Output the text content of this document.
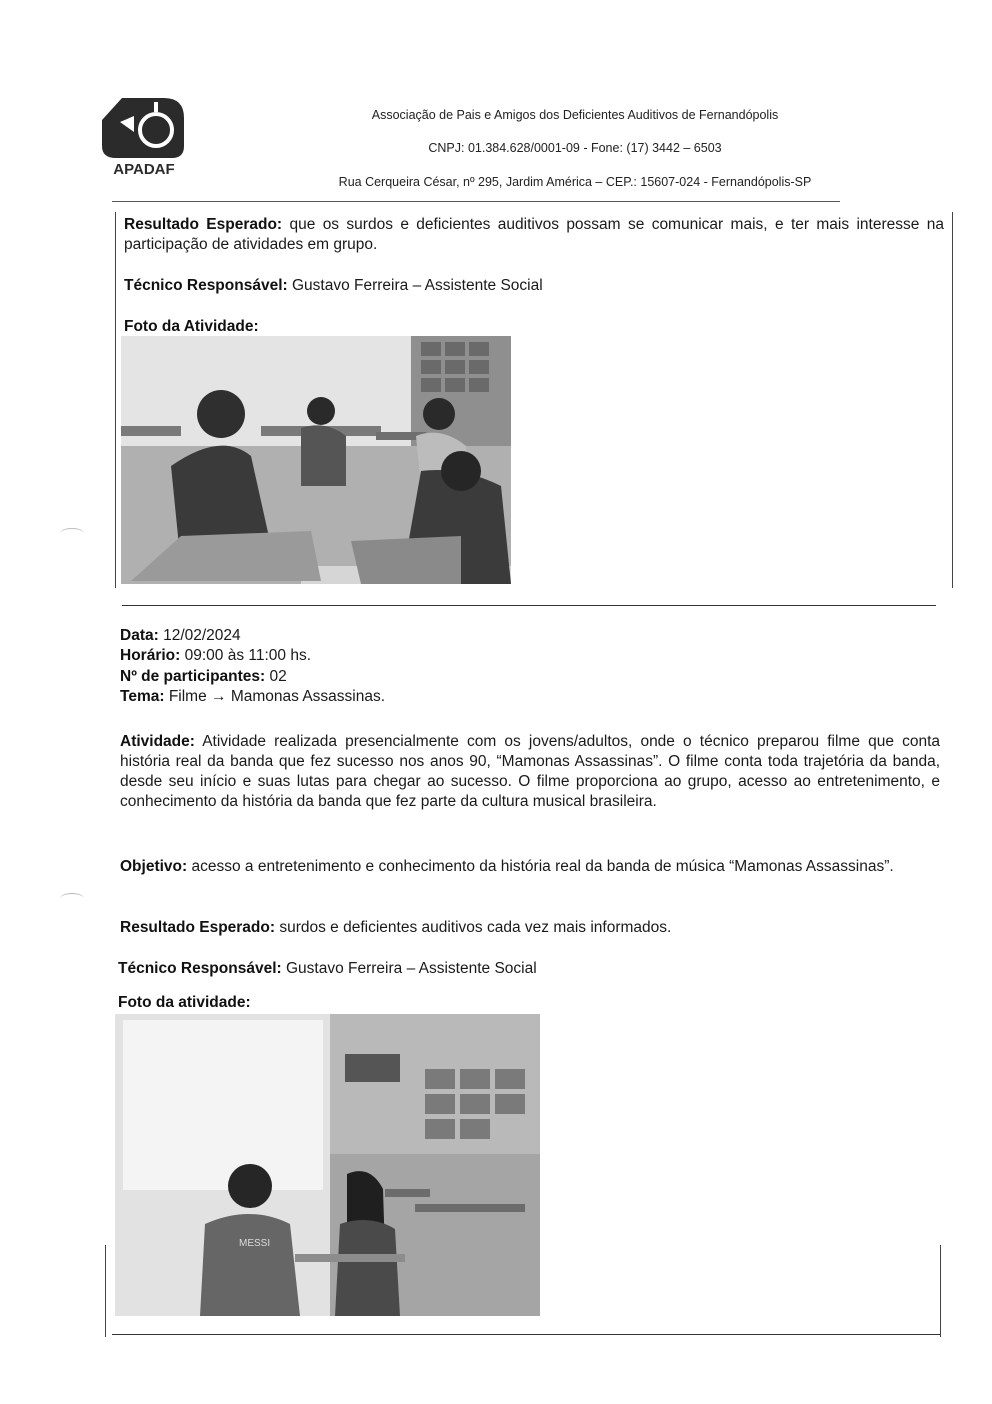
APADAF
Associação de Pais e Amigos dos Deficientes Auditivos de Fernandópolis
CNPJ: 01.384.628/0001-09 - Fone: (17) 3442 – 6503
Rua Cerqueira César, nº 295, Jardim América – CEP.: 15607-024 - Fernandópolis-SP
Resultado Esperado: que os surdos e deficientes auditivos possam se comunicar mais, e ter mais interesse na participação de atividades em grupo.
Técnico Responsável: Gustavo Ferreira – Assistente Social
Foto da Atividade:
Data: 12/02/2024
Horário: 09:00 às 11:00 hs.
Nº de participantes: 02
Tema: Filme → Mamonas Assassinas.
Atividade: Atividade realizada presencialmente com os jovens/adultos, onde o técnico preparou filme que conta história real da banda que fez sucesso nos anos 90, “Mamonas Assassinas”. O filme conta toda trajetória da banda, desde seu início e suas lutas para chegar ao sucesso. O filme proporciona ao grupo, acesso ao entretenimento, e conhecimento da história da banda que fez parte da cultura musical brasileira.
Objetivo: acesso a entretenimento e conhecimento da história real da banda de música “Mamonas Assassinas”.
Resultado Esperado: surdos e deficientes auditivos cada vez mais informados.
Técnico Responsável: Gustavo Ferreira – Assistente Social
Foto da atividade:
MESSI
